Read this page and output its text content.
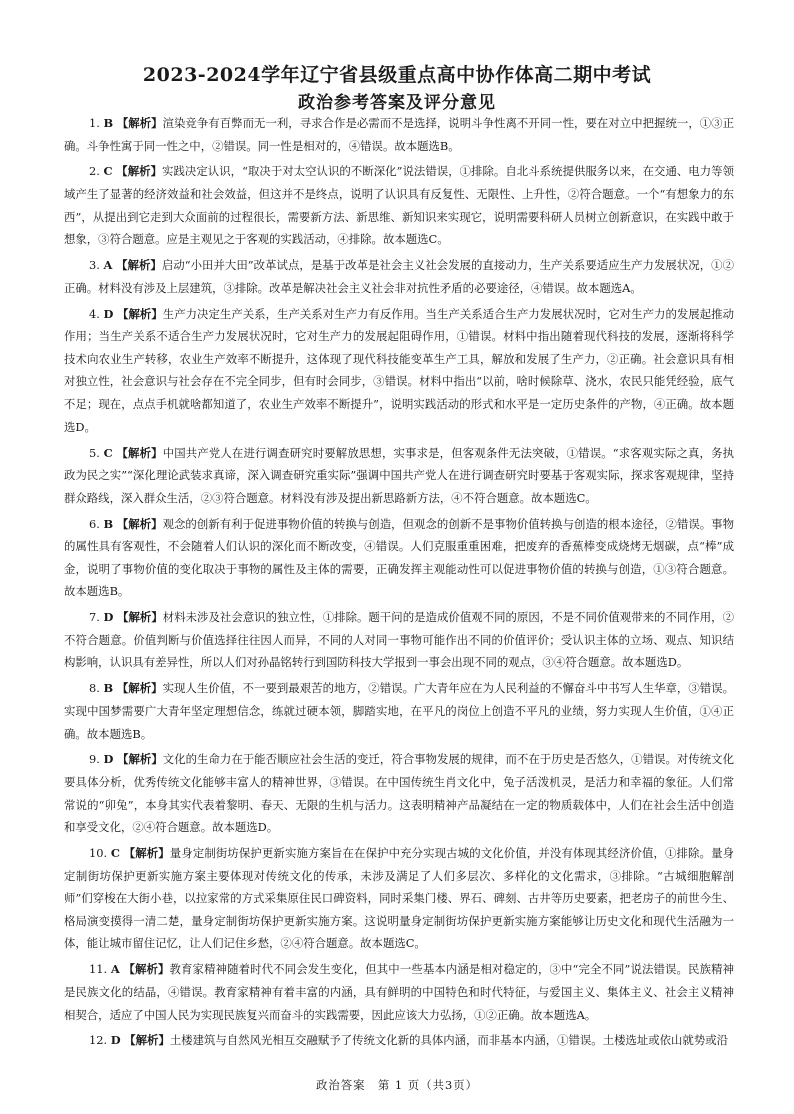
2023-2024学年辽宁省县级重点高中协作体高二期中考试
政治参考答案及评分意见

1. B 【解析】渲染竞争有百弊而无一利，寻求合作是必需而不是选择，说明斗争性离不开同一性，要在对立中把握统一，①③正确。斗争性寓于同一性之中，②错误。同一性是相对的，④错误。故本题选B。

2. C 【解析】实践决定认识，“取决于对太空认识的不断深化”说法错误，①排除。自北斗系统提供服务以来，在交通、电力等领域产生了显著的经济效益和社会效益，但这并不是终点，说明了认识具有反复性、无限性、上升性，②符合题意。一个“有想象力的东西”，从提出到它走到大众面前的过程很长，需要新方法、新思维、新知识来实现它，说明需要科研人员树立创新意识，在实践中敢于想象，③符合题意。应是主观见之于客观的实践活动，④排除。故本题选C。

3. A 【解析】启动“小田并大田”改革试点，是基于改革是社会主义社会发展的直接动力，生产关系要适应生产力发展状况，①②正确。材料没有涉及上层建筑，③排除。改革是解决社会主义社会非对抗性矛盾的必要途径，④错误。故本题选A。

4. D 【解析】生产力决定生产关系，生产关系对生产力有反作用。当生产关系适合生产力发展状况时，它对生产力的发展起推动作用；当生产关系不适合生产力发展状况时，它对生产力的发展起阻碍作用，①错误。材料中指出随着现代科技的发展，逐渐将科学技术向农业生产转移，农业生产效率不断提升，这体现了现代科技能变革生产工具，解放和发展了生产力，②正确。社会意识具有相对独立性，社会意识与社会存在不完全同步，但有时会同步，③错误。材料中指出“以前，啥时候除草、浇水，农民只能凭经验，底气不足；现在，点点手机就啥都知道了，农业生产效率不断提升”，说明实践活动的形式和水平是一定历史条件的产物，④正确。故本题选D。

5. C 【解析】中国共产党人在进行调查研究时要解放思想，实事求是，但客观条件无法突破，①错误。“求客观实际之真，务执政为民之实”“深化理论武装求真谛，深入调查研究重实际”强调中国共产党人在进行调查研究时要基于客观实际，探求客观规律，坚持群众路线，深入群众生活，②③符合题意。材料没有涉及提出新思路新方法，④不符合题意。故本题选C。

6. B 【解析】观念的创新有利于促进事物价值的转换与创造，但观念的创新不是事物价值转换与创造的根本途径，②错误。事物的属性具有客观性，不会随着人们认识的深化而不断改变，④错误。人们克服重重困难，把废弃的香蕉棒变成烧烤无烟碳，点“棒”成金，说明了事物价值的变化取决于事物的属性及主体的需要，正确发挥主观能动性可以促进事物价值的转换与创造，①③符合题意。故本题选B。

7. D 【解析】材料未涉及社会意识的独立性，①排除。题干问的是造成价值观不同的原因，不是不同价值观带来的不同作用，②不符合题意。价值判断与价值选择往往因人而异，不同的人对同一事物可能作出不同的价值评价；受认识主体的立场、观点、知识结构影响，认识具有差异性，所以人们对孙晶铭转行到国防科技大学报到一事会出现不同的观点，③④符合题意。故本题选D。

8. B 【解析】实现人生价值，不一要到最艰苦的地方，②错误。广大青年应在为人民利益的不懈奋斗中书写人生华章，③错误。实现中国梦需要广大青年坚定理想信念，练就过硬本领，脚踏实地，在平凡的岗位上创造不平凡的业绩，努力实现人生价值，①④正确。故本题选B。

9. D 【解析】文化的生命力在于能否顺应社会生活的变迁，符合事物发展的规律，而不在于历史是否悠久，①错误。对传统文化要具体分析，优秀传统文化能够丰富人的精神世界，③错误。在中国传统生肖文化中，兔子活泼机灵，是活力和幸福的象征。人们常常说的“卯兔”，本身其实代表着黎明、春天、无限的生机与活力。这表明精神产品凝结在一定的物质载体中，人们在社会生活中创造和享受文化，②④符合题意。故本题选D。

10. C 【解析】量身定制街坊保护更新实施方案旨在在保护中充分实现古城的文化价值，并没有体现其经济价值，①排除。量身定制街坊保护更新实施方案主要体现对传统文化的传承，未涉及满足了人们多层次、多样化的文化需求，③排除。“古城细胞解剖师”们穿梭在大街小巷，以拉家常的方式采集原住民口碑资料，同时采集门楼、界石、碑刻、古井等历史要素，把老房子的前世今生、格局演变摸得一清二楚，量身定制街坊保护更新实施方案。这说明量身定制街坊保护更新实施方案能够让历史文化和现代生活融为一体，能让城市留住记忆，让人们记住乡愁，②④符合题意。故本题选C。

11. A 【解析】教育家精神随着时代不同会发生变化，但其中一些基本内涵是相对稳定的，③中“完全不同”说法错误。民族精神是民族文化的结晶，④错误。教育家精神有着丰富的内涵，具有鲜明的中国特色和时代特征，与爱国主义、集体主义、社会主义精神相契合，适应了中国人民为实现民族复兴而奋斗的实践需要，因此应该大力弘扬，①②正确。故本题选A。

12. D 【解析】土楼建筑与自然风光相互交融赋予了传统文化新的具体内涵，而非基本内涵，①错误。土楼选址或依山就势或沿

政治答案　第 1 页（共3页）
